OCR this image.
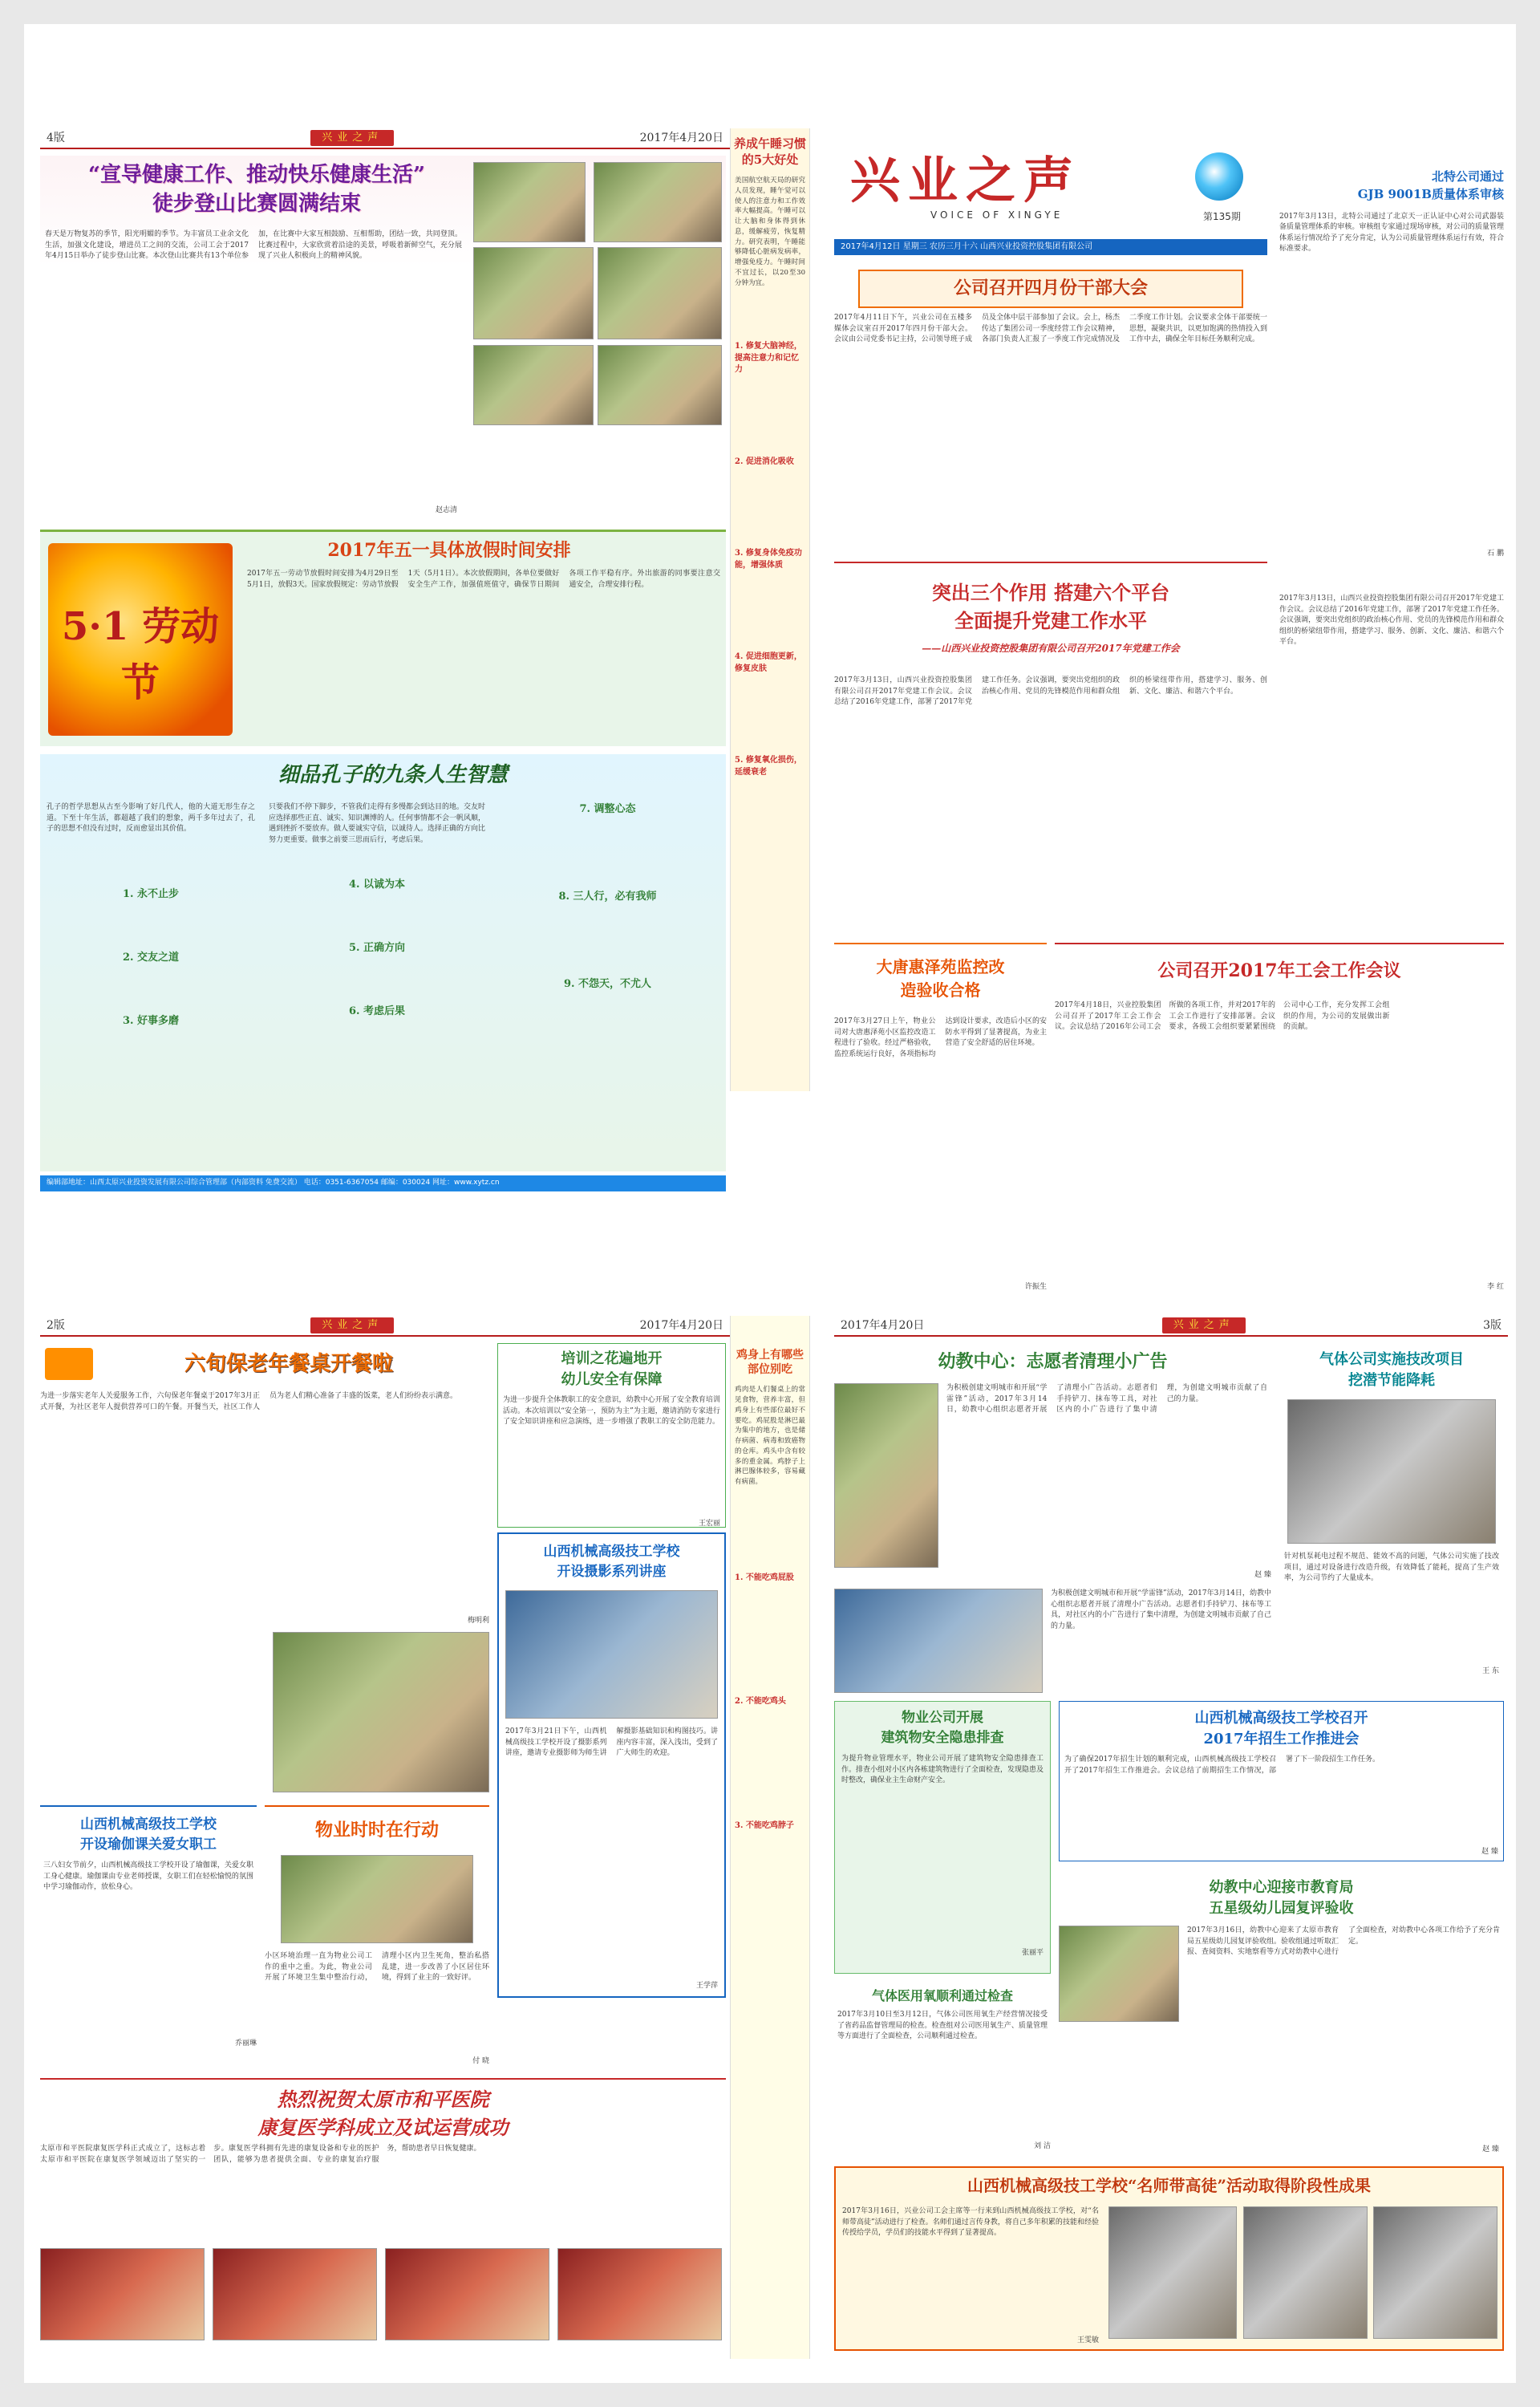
4版	兴业之声	2017年4月20日
“宣导健康工作、推动快乐健康生活”
徒步登山比赛圆满结束
春天是万物复苏的季节，阳光明媚的季节。为丰富员工业余文化生活，加强文化建设，增进员工之间的交流，公司工会于2017年4月15日举办了徒步登山比赛。本次登山比赛共有13个单位参加，在比赛中大家互相鼓励、互相帮助，团结一致，共同登顶。比赛过程中，大家欣赏着沿途的美景，呼吸着新鲜空气，充分展现了兴业人积极向上的精神风貌。
赵志清
5·1 劳动节
2017年五一具体放假时间安排
2017年五一劳动节放假时间安排为4月29日至5月1日，放假3天。国家放假规定：劳动节放假1天（5月1日）。本次放假期间，各单位要做好安全生产工作，加强值班值守，确保节日期间各项工作平稳有序。外出旅游的同事要注意交通安全，合理安排行程。
细品孔子的九条人生智慧
孔子的哲学思想从古至今影响了好几代人，他的大道无形生存之道。下至十年生活，都超越了我们的想象，两千多年过去了，孔子的思想不但没有过时，反而愈显出其价值。
1. 永不止步
2. 交友之道
3. 好事多磨
只要我们不停下脚步，不管我们走得有多慢都会到达目的地。交友时应选择那些正直、诚实、知识渊博的人。任何事情都不会一帆风顺，遇到挫折不要放弃。做人要诚实守信，以诚待人。选择正确的方向比努力更重要。做事之前要三思而后行，考虑后果。
4. 以诚为本
5. 正确方向
6. 考虑后果
7. 调整心态
8. 三人行，必有我师
9. 不怨天，不尤人
编辑部地址：山西太原兴业投资发展有限公司综合管理部（内部资料 免费交流） 电话：0351-6367054 邮编：030024 网址：www.xytz.cn
养成午睡习惯的5大好处
美国航空航天局的研究人员发现，睡午觉可以使人的注意力和工作效率大幅提高。午睡可以让大脑和身体得到休息，缓解疲劳，恢复精力。研究表明，午睡能够降低心脏病发病率，增强免疫力。午睡时间不宜过长，以20至30分钟为宜。
1. 修复大脑神经，提高注意力和记忆力
2. 促进消化吸收
3. 修复身体免疫功能，增强体质
4. 促进细胞更新，修复皮肤
5. 修复氧化损伤，延缓衰老
兴业之声
VOICE OF XINGYE	第135期
2017年4月12日 星期三 农历三月十六 山西兴业投资控股集团有限公司
北特公司通过
GJB 9001B质量体系审核
2017年3月13日，北特公司通过了北京天一正认证中心对公司武器装备质量管理体系的审核。审核组专家通过现场审核，对公司的质量管理体系运行情况给予了充分肯定，认为公司质量管理体系运行有效，符合标准要求。
石 鹏
公司召开四月份干部大会
2017年4月11日下午，兴业公司在五楼多媒体会议室召开2017年四月份干部大会。会议由公司党委书记主持，公司领导班子成员及全体中层干部参加了会议。会上，杨杰传达了集团公司一季度经营工作会议精神，各部门负责人汇报了一季度工作完成情况及二季度工作计划。会议要求全体干部要统一思想，凝聚共识，以更加饱满的热情投入到工作中去，确保全年目标任务顺利完成。
突出三个作用 搭建六个平台
全面提升党建工作水平
——山西兴业投资控股集团有限公司召开2017年党建工作会
2017年3月13日，山西兴业投资控股集团有限公司召开2017年党建工作会议。会议总结了2016年党建工作，部署了2017年党建工作任务。会议强调，要突出党组织的政治核心作用、党员的先锋模范作用和群众组织的桥梁纽带作用，搭建学习、服务、创新、文化、廉洁、和谐六个平台。
2017年3月13日，山西兴业投资控股集团有限公司召开2017年党建工作会议。会议总结了2016年党建工作，部署了2017年党建工作任务。会议强调，要突出党组织的政治核心作用、党员的先锋模范作用和群众组织的桥梁纽带作用，搭建学习、服务、创新、文化、廉洁、和谐六个平台。
大唐惠泽苑监控改
造验收合格
2017年3月27日上午，物业公司对大唐惠泽苑小区监控改造工程进行了验收。经过严格验收，监控系统运行良好，各项指标均达到设计要求，改造后小区的安防水平得到了显著提高，为业主营造了安全舒适的居住环境。
许振生
公司召开2017年工会工作会议
2017年4月18日，兴业控股集团公司召开了2017年工会工作会议。会议总结了2016年公司工会所做的各项工作，并对2017年的工会工作进行了安排部署。会议要求，各级工会组织要紧紧围绕公司中心工作，充分发挥工会组织的作用，为公司的发展做出新的贡献。
李 红
2版	兴业之声	2017年4月20日
六旬保老年餐桌开餐啦
为进一步落实老年人关爱服务工作，六旬保老年餐桌于2017年3月正式开餐，为社区老年人提供营养可口的午餐。开餐当天，社区工作人员为老人们精心准备了丰盛的饭菜，老人们纷纷表示满意。
梅明利
培训之花遍地开
幼儿安全有保障
为进一步提升全体教职工的安全意识，幼教中心开展了安全教育培训活动。本次培训以“安全第一，预防为主”为主题，邀请消防专家进行了安全知识讲座和应急演练，进一步增强了教职工的安全防范能力。
王宏丽
山西机械高级技工学校
开设摄影系列讲座
2017年3月21日下午，山西机械高级技工学校开设了摄影系列讲座，邀请专业摄影师为师生讲解摄影基础知识和构图技巧。讲座内容丰富，深入浅出，受到了广大师生的欢迎。
王学萍
山西机械高级技工学校
开设瑜伽课关爱女职工
三八妇女节前夕，山西机械高级技工学校开设了瑜伽课，关爱女职工身心健康。瑜伽课由专业老师授课，女职工们在轻松愉悦的氛围中学习瑜伽动作，放松身心。
乔丽琳
物业时时在行动
小区环境治理一直为物业公司工作的重中之重。为此，物业公司开展了环境卫生集中整治行动，清理小区内卫生死角，整治私搭乱建，进一步改善了小区居住环境，得到了业主的一致好评。
付 晓
热烈祝贺太原市和平医院
康复医学科成立及试运营成功
太原市和平医院康复医学科正式成立了，这标志着太原市和平医院在康复医学领域迈出了坚实的一步。康复医学科拥有先进的康复设备和专业的医护团队，能够为患者提供全面、专业的康复治疗服务，帮助患者早日恢复健康。
鸡身上有哪些部位别吃
鸡肉是人们餐桌上的常见食物，营养丰富，但鸡身上有些部位最好不要吃。鸡屁股是淋巴最为集中的地方，也是储存病菌、病毒和致癌物的仓库。鸡头中含有较多的重金属。鸡脖子上淋巴腺体较多，容易藏有病菌。
1. 不能吃鸡屁股
2. 不能吃鸡头
3. 不能吃鸡脖子
2017年4月20日	兴业之声	3版
幼教中心：志愿者清理小广告
为积极创建文明城市和开展“学雷锋”活动，2017年3月14日，幼教中心组织志愿者开展了清理小广告活动。志愿者们手持铲刀、抹布等工具，对社区内的小广告进行了集中清理，为创建文明城市贡献了自己的力量。
赵 臻
气体公司实施技改项目
挖潜节能降耗
针对机泵耗电过程不规范、能效不高的问题，气体公司实施了技改项目，通过对设备进行改造升级，有效降低了能耗，提高了生产效率，为公司节约了大量成本。
王 东
为积极创建文明城市和开展“学雷锋”活动，2017年3月14日，幼教中心组织志愿者开展了清理小广告活动。志愿者们手持铲刀、抹布等工具，对社区内的小广告进行了集中清理，为创建文明城市贡献了自己的力量。
物业公司开展
建筑物安全隐患排查
为提升物业管理水平，物业公司开展了建筑物安全隐患排查工作。排查小组对小区内各栋建筑物进行了全面检查，发现隐患及时整改，确保业主生命财产安全。
张丽平
山西机械高级技工学校召开
2017年招生工作推进会
为了确保2017年招生计划的顺利完成，山西机械高级技工学校召开了2017年招生工作推进会。会议总结了前期招生工作情况，部署了下一阶段招生工作任务。
赵 臻
气体医用氧顺利通过检查
2017年3月10日至3月12日，气体公司医用氧生产经营情况接受了省药品监督管理局的检查。检查组对公司医用氧生产、质量管理等方面进行了全面检查，公司顺利通过检查。
刘 洁
幼教中心迎接市教育局
五星级幼儿园复评验收
2017年3月16日，幼教中心迎来了太原市教育局五星级幼儿园复评验收组。验收组通过听取汇报、查阅资料、实地察看等方式对幼教中心进行了全面检查，对幼教中心各项工作给予了充分肯定。
赵 臻
山西机械高级技工学校“名师带高徒”活动取得阶段性成果
2017年3月16日，兴业公司工会主席等一行来到山西机械高级技工学校，对“名师带高徒”活动进行了检查。名师们通过言传身教，将自己多年积累的技能和经验传授给学员，学员们的技能水平得到了显著提高。
王雯敏
